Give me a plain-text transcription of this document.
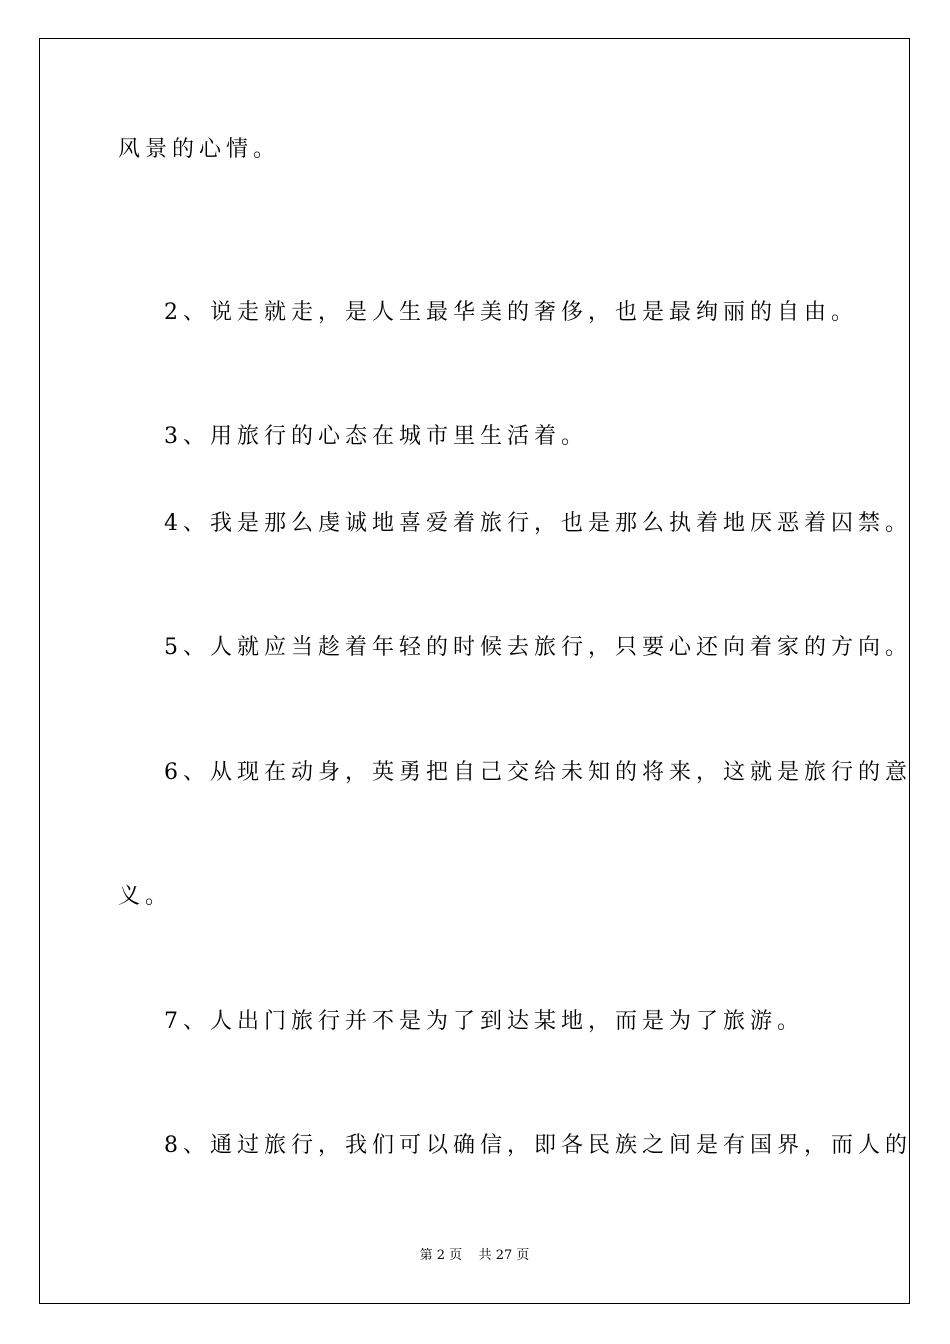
风景的心情。
2、说走就走，是人生最华美的奢侈，也是最绚丽的自由。
3、用旅行的心态在城市里生活着。
4、我是那么虔诚地喜爱着旅行，也是那么执着地厌恶着囚禁。
5、人就应当趁着年轻的时候去旅行，只要心还向着家的方向。
6、从现在动身，英勇把自己交给未知的将来，这就是旅行的意
义。
7、人出门旅行并不是为了到达某地，而是为了旅游。
8、通过旅行，我们可以确信，即各民族之间是有国界，而人的
第 2 页    共 27 页
